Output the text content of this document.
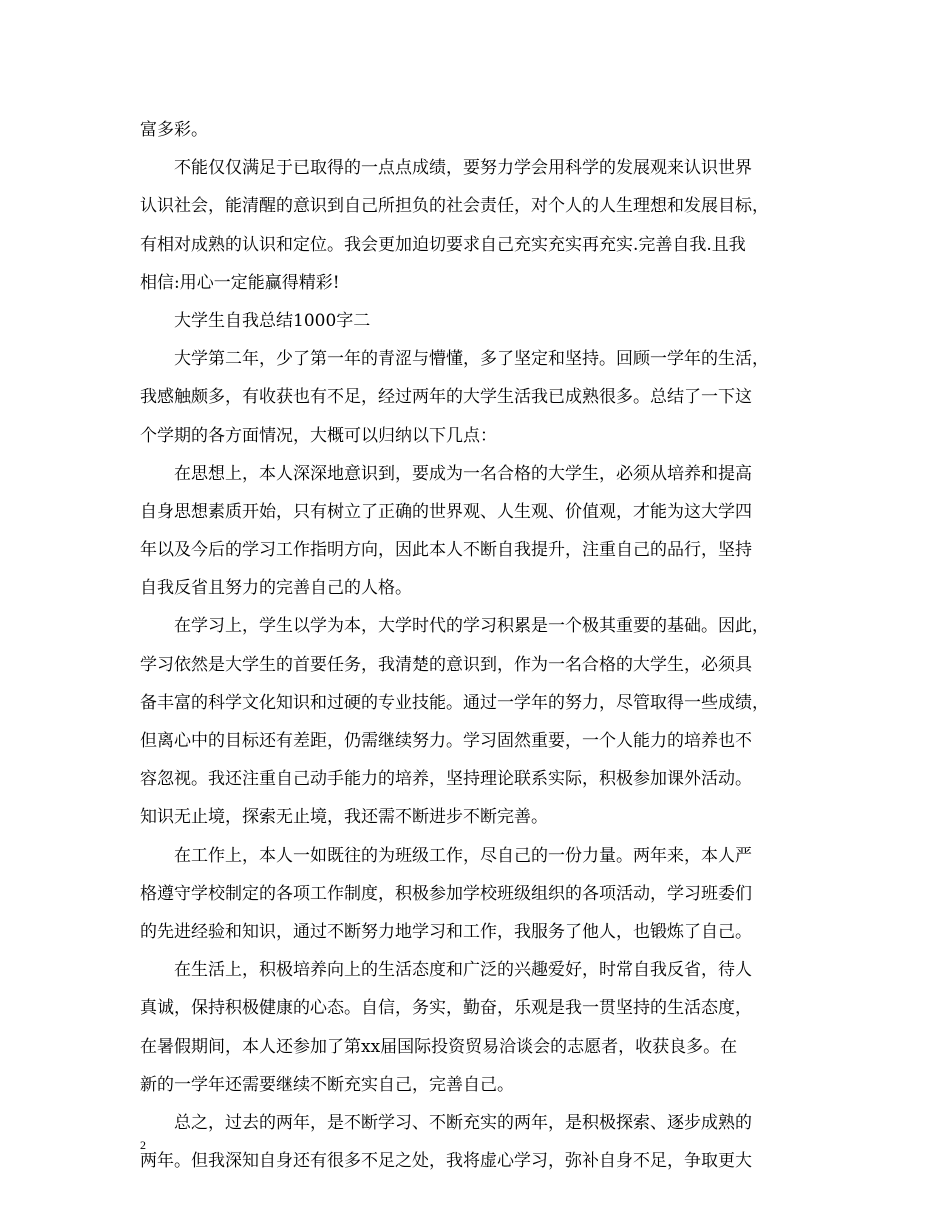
富多彩。
不能仅仅满足于已取得的一点点成绩，要努力学会用科学的发展观来认识世界
认识社会，能清醒的意识到自己所担负的社会责任，对个人的人生理想和发展目标，
有相对成熟的认识和定位。我会更加迫切要求自己充实充实再充实.完善自我.且我
相信:用心一定能赢得精彩!
大学生自我总结1000字二
大学第二年，少了第一年的青涩与懵懂，多了坚定和坚持。回顾一学年的生活，
我感触颇多，有收获也有不足，经过两年的大学生活我已成熟很多。总结了一下这
个学期的各方面情况，大概可以归纳以下几点：
在思想上，本人深深地意识到，要成为一名合格的大学生，必须从培养和提高
自身思想素质开始，只有树立了正确的世界观、人生观、价值观，才能为这大学四
年以及今后的学习工作指明方向，因此本人不断自我提升，注重自己的品行，坚持
自我反省且努力的完善自己的人格。
在学习上，学生以学为本，大学时代的学习积累是一个极其重要的基础。因此，
学习依然是大学生的首要任务，我清楚的意识到，作为一名合格的大学生，必须具
备丰富的科学文化知识和过硬的专业技能。通过一学年的努力，尽管取得一些成绩，
但离心中的目标还有差距，仍需继续努力。学习固然重要，一个人能力的培养也不
容忽视。我还注重自己动手能力的培养，坚持理论联系实际，积极参加课外活动。
知识无止境，探索无止境，我还需不断进步不断完善。
在工作上，本人一如既往的为班级工作，尽自己的一份力量。两年来，本人严
格遵守学校制定的各项工作制度，积极参加学校班级组织的各项活动，学习班委们
的先进经验和知识，通过不断努力地学习和工作，我服务了他人，也锻炼了自己。
在生活上，积极培养向上的生活态度和广泛的兴趣爱好，时常自我反省，待人
真诚，保持积极健康的心态。自信，务实，勤奋，乐观是我一贯坚持的生活态度，
在暑假期间，本人还参加了第xx届国际投资贸易洽谈会的志愿者，收获良多。在
新的一学年还需要继续不断充实自己，完善自己。
总之，过去的两年，是不断学习、不断充实的两年，是积极探索、逐步成熟的
两年。但我深知自身还有很多不足之处，我将虚心学习，弥补自身不足，争取更大
2
